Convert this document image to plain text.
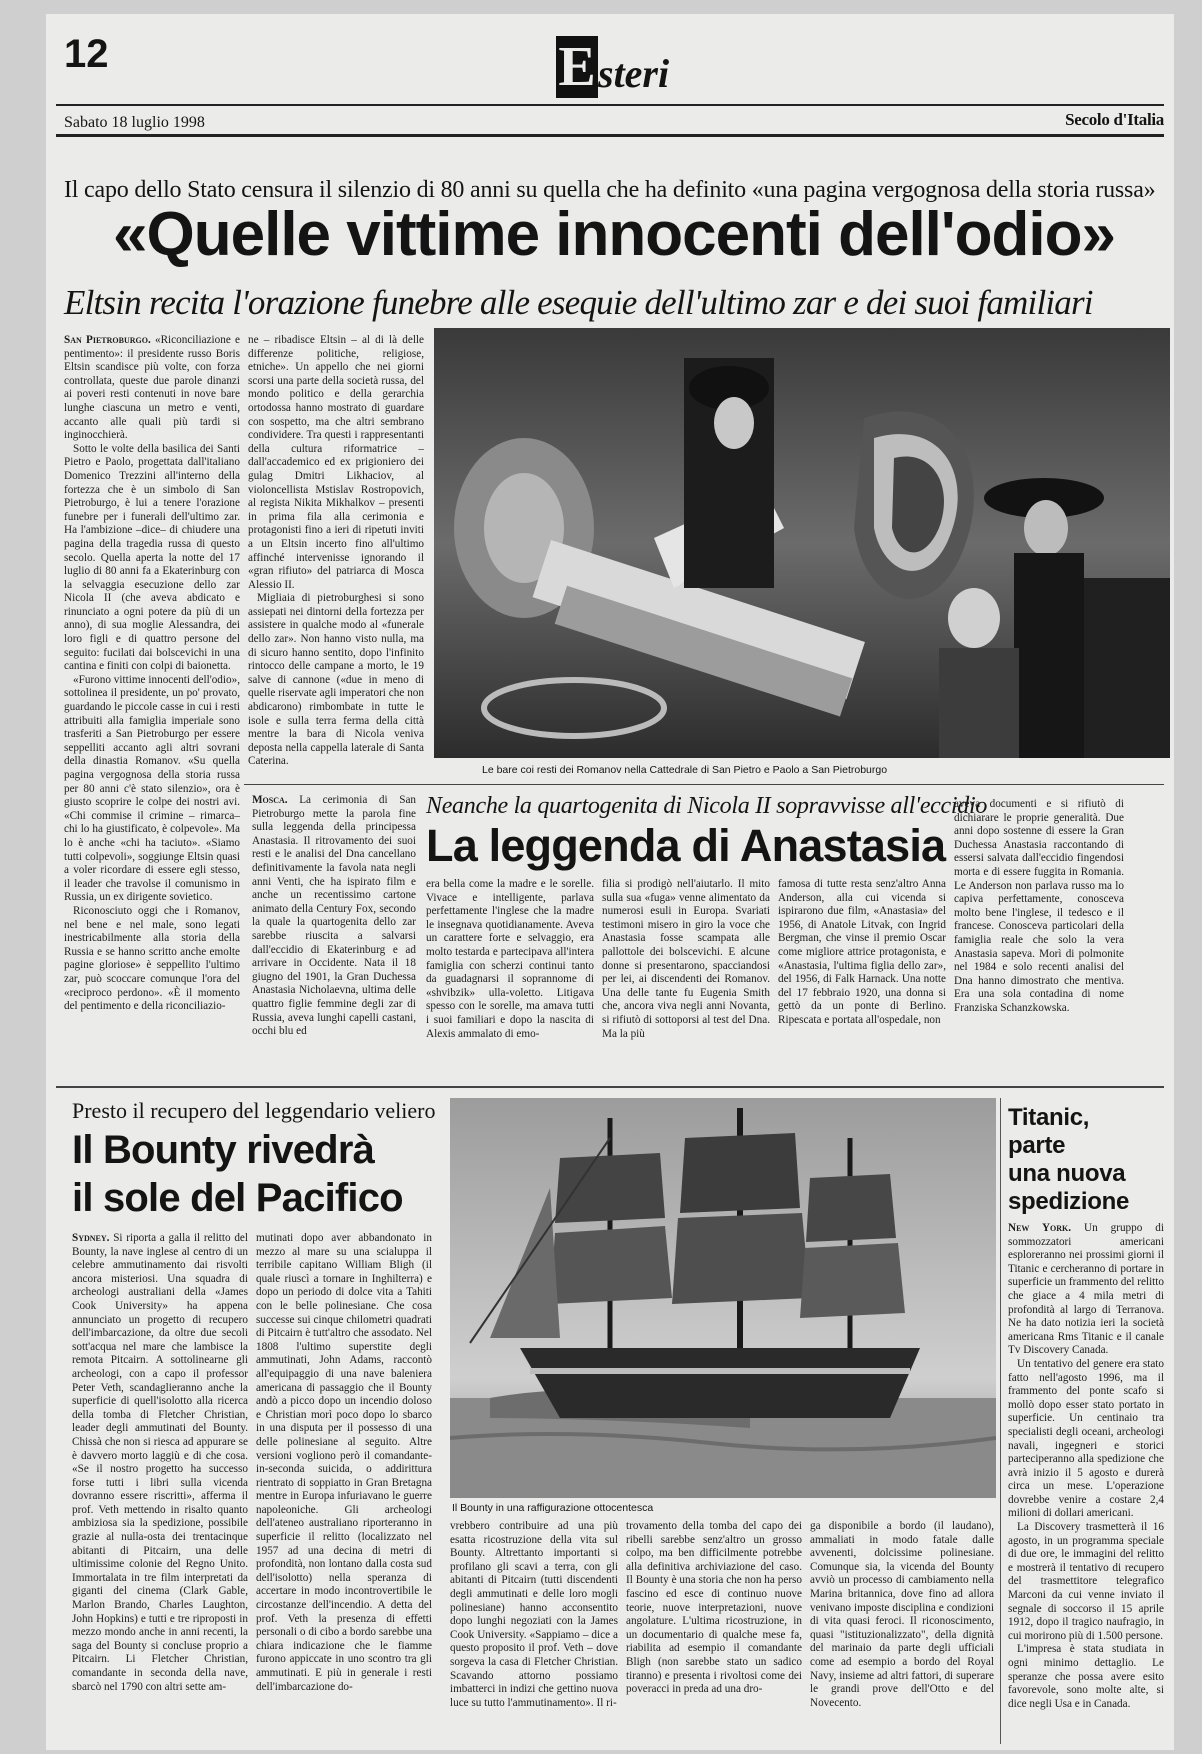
12	E steri
Sabato 18 luglio 1998	Secolo d'Italia
Il capo dello Stato censura il silenzio di 80 anni su quella che ha definito «una pagina vergognosa della storia russa»
«Quelle vittime innocenti dell'odio»
Eltsin recita l'orazione funebre alle esequie dell'ultimo zar e dei suoi familiari

San Pietroburgo. «Riconciliazione e pentimento»: il presidente russo Boris Eltsin scandisce più volte, con forza controllata, queste due parole dinanzi ai poveri resti contenuti in nove bare lunghe ciascuna un metro e venti, accanto alle quali più tardi si inginocchierà.

Sotto le volte della basilica dei Santi Pietro e Paolo, progettata dall'italiano Domenico Trezzini all'interno della fortezza che è un simbolo di San Pietroburgo, è lui a tenere l'orazione funebre per i funerali dell'ultimo zar. Ha l'ambizione –dice– di chiudere una pagina della tragedia russa di questo secolo. Quella aperta la notte del 17 luglio di 80 anni fa a Ekaterinburg con la selvaggia esecuzione dello zar Nicola II (che aveva abdicato e rinunciato a ogni potere da più di un anno), di sua moglie Alessandra, dei loro figli e di quattro persone del seguito: fucilati dai bolscevichi in una cantina e finiti con colpi di baionetta.

«Furono vittime innocenti dell'odio», sottolinea il presidente, un po' provato, guardando le piccole casse in cui i resti attribuiti alla famiglia imperiale sono trasferiti a San Pietroburgo per essere seppelliti accanto agli altri sovrani della dinastia Romanov. «Su quella pagina vergognosa della storia russa per 80 anni c'è stato silenzio», ora è giusto scoprire le colpe dei nostri avi. «Chi commise il crimine – rimarca– chi lo ha giustificato, è colpevole». Ma lo è anche «chi ha taciuto». «Siamo tutti colpevoli», soggiunge Eltsin quasi a voler ricordare di essere egli stesso, il leader che travolse il comunismo in Russia, un ex dirigente sovietico.

Riconosciuto oggi che i Romanov, nel bene e nel male, sono legati inestricabilmente alla storia della Russia e se hanno scritto anche emolte pagine gloriose» è seppellito l'ultimo zar, può scoccare comunque l'ora del «reciproco perdono». «È il momento del pentimento e della riconciliazio-

ne – ribadisce Eltsin – al di là delle differenze politiche, religiose, etniche». Un appello che nei giorni scorsi una parte della società russa, del mondo politico e della gerarchia ortodossa hanno mostrato di guardare con sospetto, ma che altri sembrano condividere. Tra questi i rappresentanti della cultura riformatrice – dall'accademico ed ex prigioniero dei gulag Dmitri Likhaciov, al violoncellista Mstislav Rostropovich, al regista Nikita Mikhalkov – presenti in prima fila alla cerimonia e protagonisti fino a ieri di ripetuti inviti a un Eltsin incerto fino all'ultimo affinché intervenisse ignorando il «gran rifiuto» del patriarca di Mosca Alessio II.

Migliaia di pietroburghesi si sono assiepati nei dintorni della fortezza per assistere in qualche modo al «funerale dello zar». Non hanno visto nulla, ma di sicuro hanno sentito, dopo l'infinito rintocco delle campane a morto, le 19 salve di cannone («due in meno di quelle riservate agli imperatori che non abdicarono) rimbombate in tutte le isole e sulla terra ferma della città mentre la bara di Nicola veniva deposta nella cappella laterale di Santa Caterina.

Le bare coi resti dei Romanov nella Cattedrale di San Pietro e Paolo a San Pietroburgo

Mosca. La cerimonia di San Pietroburgo mette la parola fine sulla leggenda della principessa Anastasia. Il ritrovamento dei suoi resti e le analisi del Dna cancellano definitivamente la favola nata negli anni Venti, che ha ispirato film e anche un recentissimo cartone animato della Century Fox, secondo la quale la quartogenita dello zar sarebbe riuscita a salvarsi dall'eccidio di Ekaterinburg e ad arrivare in Occidente. Nata il 18 giugno del 1901, la Gran Duchessa Anastasia Nicholaevna, ultima delle quattro figlie femmine degli zar di Russia, aveva lunghi capelli castani, occhi blu ed

Neanche la quartogenita di Nicola II sopravvisse all'eccidio
La leggenda di Anastasia

era bella come la madre e le sorelle. Vivace e intelligente, parlava perfettamente l'inglese che la madre le insegnava quotidianamente. Aveva un carattere forte e selvaggio, era molto testarda e partecipava all'intera famiglia con scherzi continui tanto da guadagnarsi il soprannome di «shvibzik» ulla-voletto. Litigava spesso con le sorelle, ma amava tutti i suoi familiari e dopo la nascita di Alexis ammalato di emo-

filia si prodigò nell'aiutarlo. Il mito sulla sua «fuga» venne alimentato da numerosi esuli in Europa. Svariati testimoni misero in giro la voce che Anastasia fosse scampata alle pallottole dei bolscevichi. E alcune donne si presentarono, spacciandosi per lei, ai discendenti dei Romanov. Una delle tante fu Eugenia Smith che, ancora viva negli anni Novanta, si rifiutò di sottoporsi al test del Dna. Ma la più

famosa di tutte resta senz'altro Anna Anderson, alla cui vicenda si ispirarono due film, «Anastasia» del 1956, di Anatole Litvak, con Ingrid Bergman, che vinse il premio Oscar come migliore attrice protagonista, e «Anastasia, l'ultima figlia dello zar», del 1956, di Falk Harnack. Una notte del 17 febbraio 1920, una donna si gettò da un ponte di Berlino. Ripescata e portata all'ospedale, non

aveva documenti e si rifiutò di dichiarare le proprie generalità. Due anni dopo sostenne di essere la Gran Duchessa Anastasia raccontando di essersi salvata dall'eccidio fingendosi morta e di essere fuggita in Romania. Le Anderson non parlava russo ma lo capiva perfettamente, conosceva molto bene l'inglese, il tedesco e il francese. Conosceva particolari della famiglia reale che solo la vera Anastasia sapeva. Morì di polmonite nel 1984 e solo recenti analisi del Dna hanno dimostrato che mentiva. Era una sola contadina di nome Franziska Schanzkowska.

Presto il recupero del leggendario veliero
Il Bounty rivedrà
il sole del Pacifico

Sydney. Si riporta a galla il relitto del Bounty, la nave inglese al centro di un celebre ammutinamento dai risvolti ancora misteriosi. Una squadra di archeologi australiani della «James Cook University» ha appena annunciato un progetto di recupero dell'imbarcazione, da oltre due secoli sott'acqua nel mare che lambisce la remota Pitcairn. A sottolinearne gli archeologi, con a capo il professor Peter Veth, scandaglieranno anche la superficie di quell'isolotto alla ricerca della tomba di Fletcher Christian, leader degli ammutinati del Bounty. Chissà che non si riesca ad appurare se è davvero morto laggiù e di che cosa. «Se il nostro progetto ha successo forse tutti i libri sulla vicenda dovranno essere riscritti», afferma il prof. Veth mettendo in risalto quanto ambiziosa sia la spedizione, possibile grazie al nulla-osta dei trentacinque abitanti di Pitcairn, una delle ultimissime colonie del Regno Unito. Immortalata in tre film interpretati da giganti del cinema (Clark Gable, Marlon Brando, Charles Laughton, John Hopkins) e tutti e tre riproposti in mezzo mondo anche in anni recenti, la saga del Bounty si concluse proprio a Pitcairn. Li Fletcher Christian, comandante in seconda della nave, sbarcò nel 1790 con altri sette am-

mutinati dopo aver abbandonato in mezzo al mare su una scialuppa il terribile capitano William Bligh (il quale riuscì a tornare in Inghilterra) e dopo un periodo di dolce vita a Tahiti con le belle polinesiane. Che cosa successe sui cinque chilometri quadrati di Pitcairn è tutt'altro che assodato. Nel 1808 l'ultimo superstite degli ammutinati, John Adams, raccontò all'equipaggio di una nave baleniera americana di passaggio che il Bounty andò a picco dopo un incendio doloso e Christian morì poco dopo lo sbarco in una disputa per il possesso di una delle polinesiane al seguito. Altre versioni vogliono però il comandante-in-seconda suicida, o addirittura rientrato di soppiatto in Gran Bretagna mentre in Europa infuriavano le guerre napoleoniche. Gli archeologi dell'ateneo australiano riporteranno in superficie il relitto (localizzato nel 1957 ad una decina di metri di profondità, non lontano dalla costa sud dell'isolotto) nella speranza di accertare in modo incontrovertibile le circostanze dell'incendio. A detta del prof. Veth la presenza di effetti personali o di cibo a bordo sarebbe una chiara indicazione che le fiamme furono appiccate in uno scontro tra gli ammutinati. E più in generale i resti dell'imbarcazione do-

Il Bounty in una raffigurazione ottocentesca

vrebbero contribuire ad una più esatta ricostruzione della vita sul Bounty. Altrettanto importanti si profilano gli scavi a terra, con gli abitanti di Pitcairn (tutti discendenti degli ammutinati e delle loro mogli polinesiane) hanno acconsentito dopo lunghi negoziati con la James Cook University. «Sappiamo – dice a questo proposito il prof. Veth – dove sorgeva la casa di Fletcher Christian. Scavando attorno possiamo imbatterci in indizi che gettino nuova luce su tutto l'ammutinamento». Il ri-

trovamento della tomba del capo dei ribelli sarebbe senz'altro un grosso colpo, ma ben difficilmente potrebbe alla definitiva archiviazione del caso. Il Bounty è una storia che non ha perso fascino ed esce di continuo nuove teorie, nuove interpretazioni, nuove angolature. L'ultima ricostruzione, in un documentario di qualche mese fa, riabilita ad esempio il comandante Bligh (non sarebbe stato un sadico tiranno) e presenta i rivoltosi come dei poveracci in preda ad una dro-

ga disponibile a bordo (il laudano), ammaliati in modo fatale dalle avvenenti, dolcissime polinesiane. Comunque sia, la vicenda del Bounty avviò un processo di cambiamento nella Marina britannica, dove fino ad allora venivano imposte disciplina e condizioni di vita quasi feroci. Il riconoscimento, quasi "istituzionalizzato", della dignità del marinaio da parte degli ufficiali come ad esempio a bordo del Royal Navy, insieme ad altri fattori, di superare le grandi prove dell'Otto e del Novecento.

Titanic,
parte
una nuova
spedizione

New York. Un gruppo di sommozzatori americani esploreranno nei prossimi giorni il Titanic e cercheranno di portare in superficie un frammento del relitto che giace a 4 mila metri di profondità al largo di Terranova. Ne ha dato notizia ieri la società americana Rms Titanic e il canale Tv Discovery Canada.

Un tentativo del genere era stato fatto nell'agosto 1996, ma il frammento del ponte scafo si mollò dopo esser stato portato in superficie. Un centinaio tra specialisti degli oceani, archeologi navali, ingegneri e storici parteciperanno alla spedizione che avrà inizio il 5 agosto e durerà circa un mese. L'operazione dovrebbe venire a costare 2,4 milioni di dollari americani.

La Discovery trasmetterà il 16 agosto, in un programma speciale di due ore, le immagini del relitto e mostrerà il tentativo di recupero del trasmettitore telegrafico Marconi da cui venne inviato il segnale di soccorso il 15 aprile 1912, dopo il tragico naufragio, in cui morirono più di 1.500 persone.

L'impresa è stata studiata in ogni minimo dettaglio. Le speranze che possa avere esito favorevole, sono molte alte, si dice negli Usa e in Canada.
